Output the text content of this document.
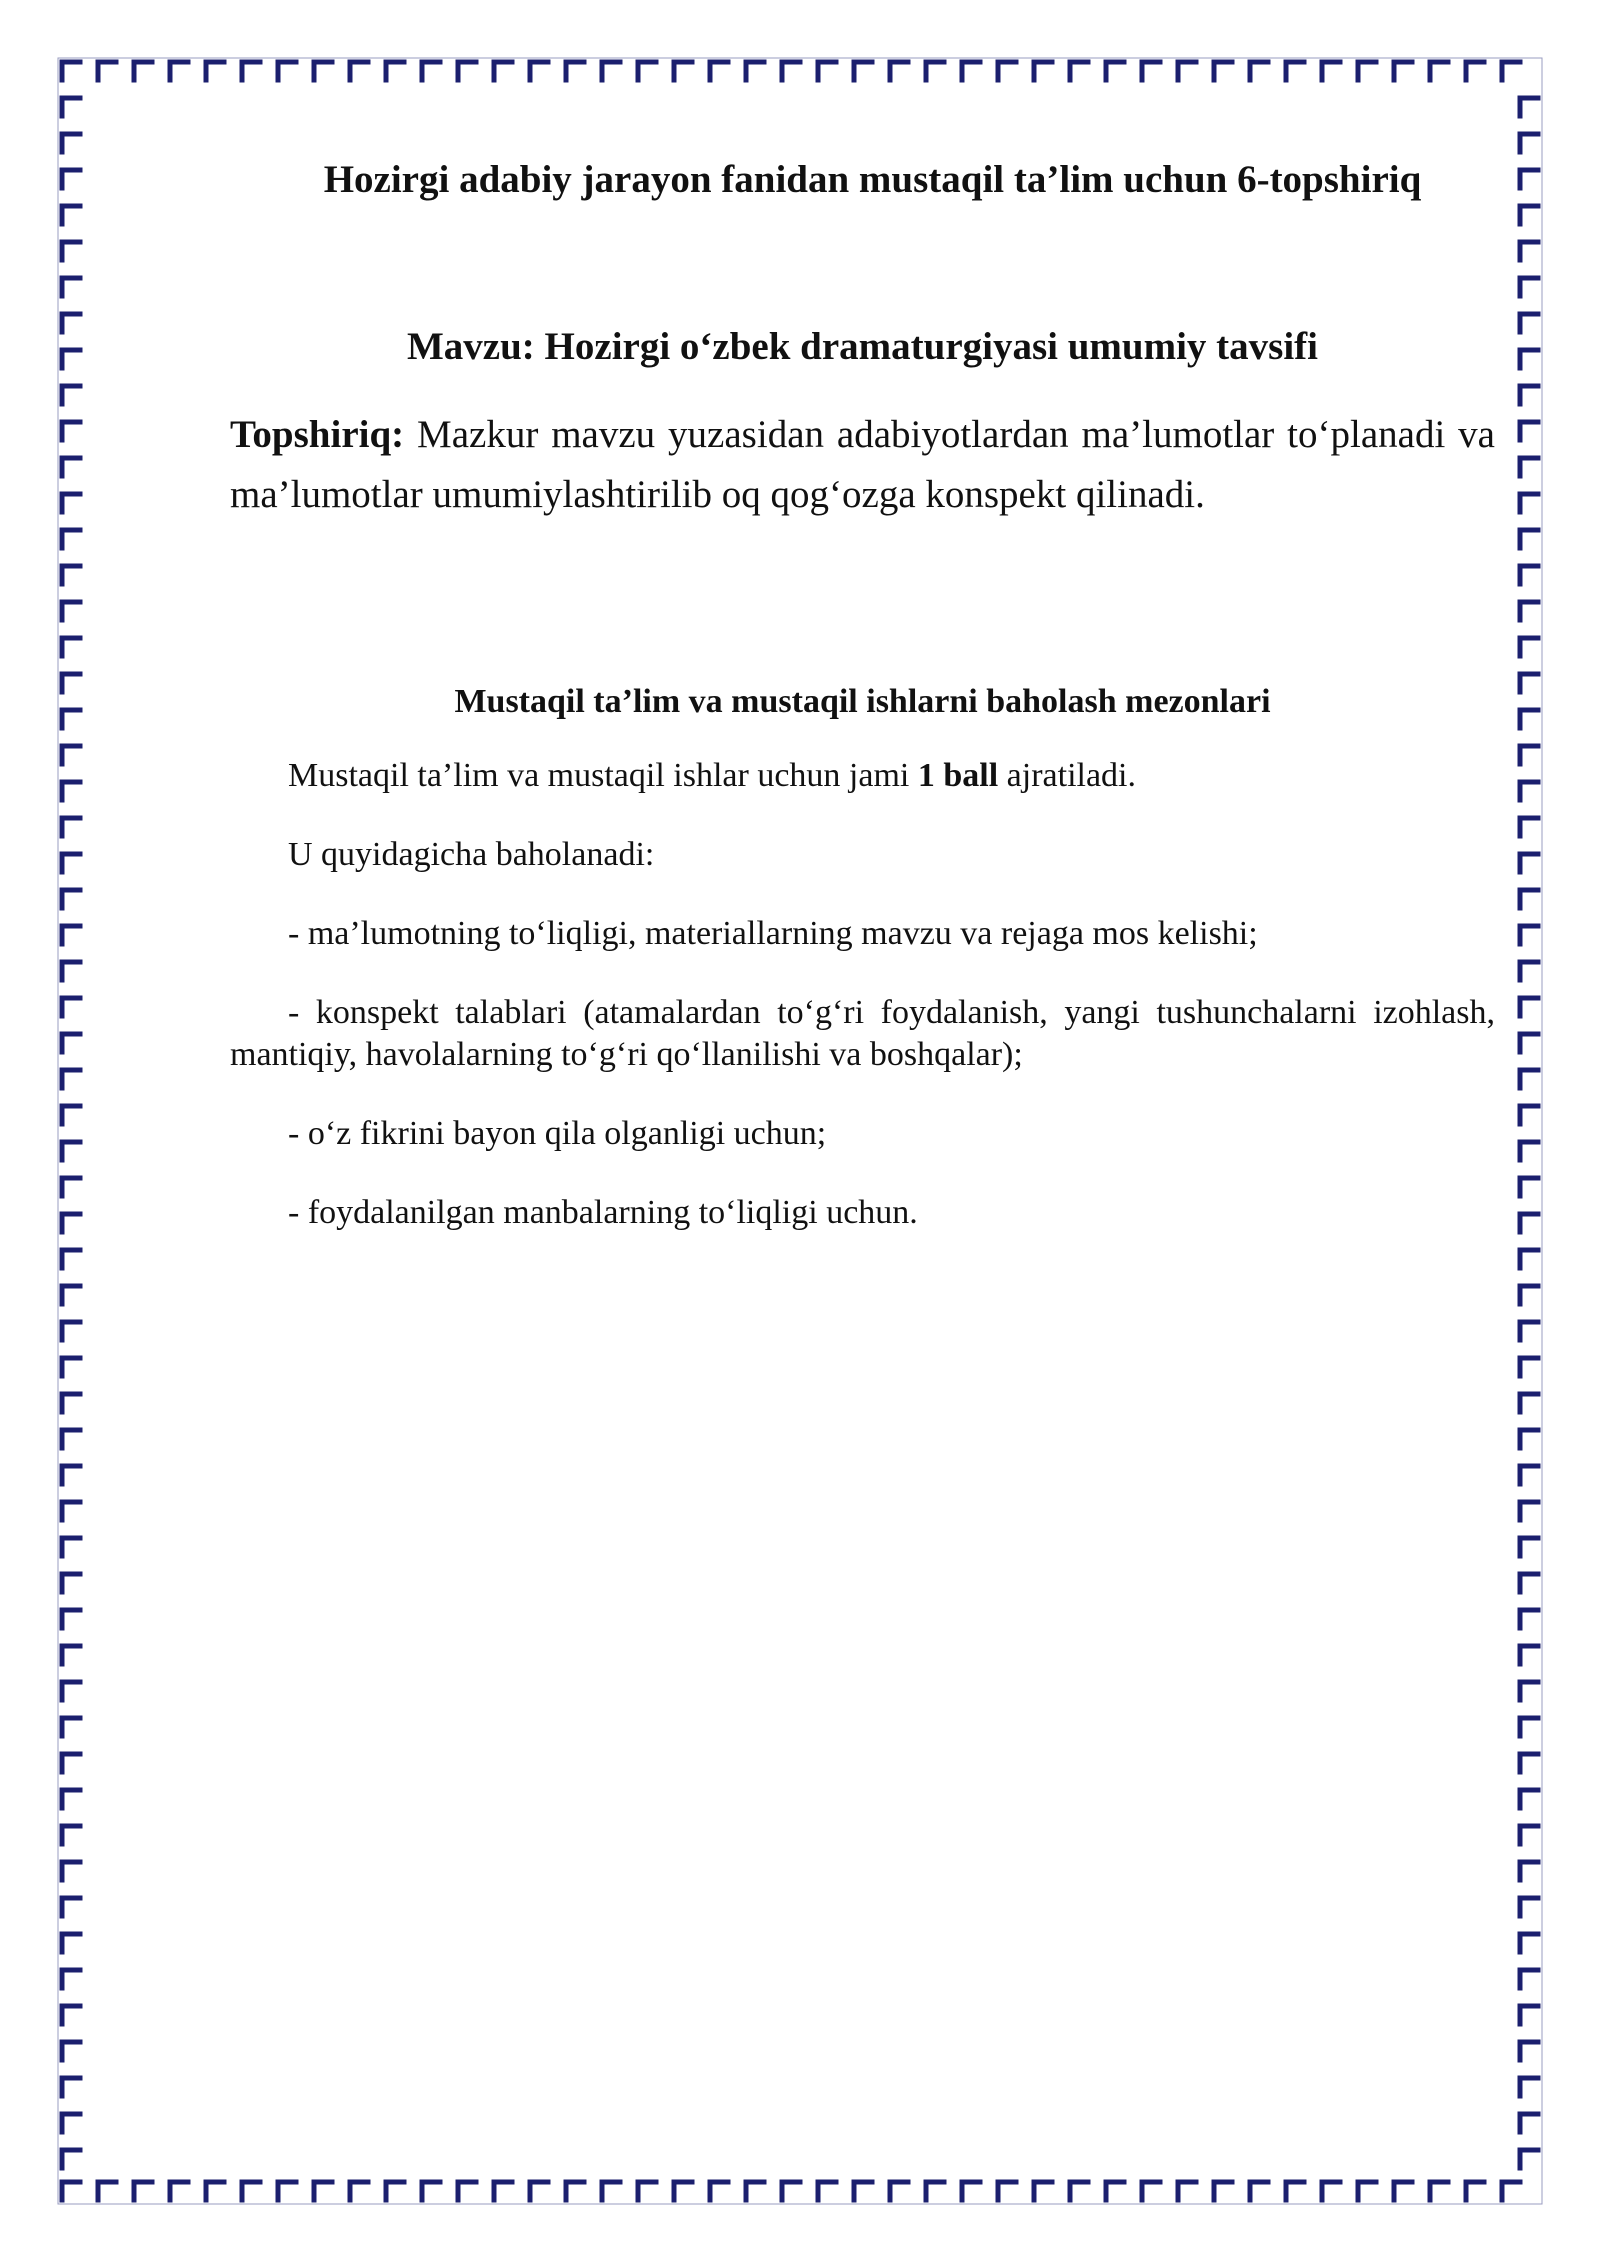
Hozirgi adabiy jarayon fanidan mustaqil ta’lim uchun 6-topshiriq
Mavzu: Hozirgi o‘zbek dramaturgiyasi umumiy tavsifi
Topshiriq: Mazkur mavzu yuzasidan adabiyotlardan ma’lumotlar to‘planadi va ma’lumotlar umumiylashtirilib oq qog‘ozga konspekt qilinadi.
Mustaqil ta’lim va mustaqil ishlarni baholash mezonlari

Mustaqil ta’lim va mustaqil ishlar uchun jami 1 ball ajratiladi.

U quyidagicha baholanadi:

- ma’lumotning to‘liqligi, materiallarning mavzu va rejaga mos kelishi;

- konspekt talablari (atamalardan to‘g‘ri foydalanish, yangi tushunchalarni izohlash, mantiqiy, havolalarning to‘g‘ri qo‘llanilishi va boshqalar);

- o‘z fikrini bayon qila olganligi uchun;

- foydalanilgan manbalarning to‘liqligi uchun.
